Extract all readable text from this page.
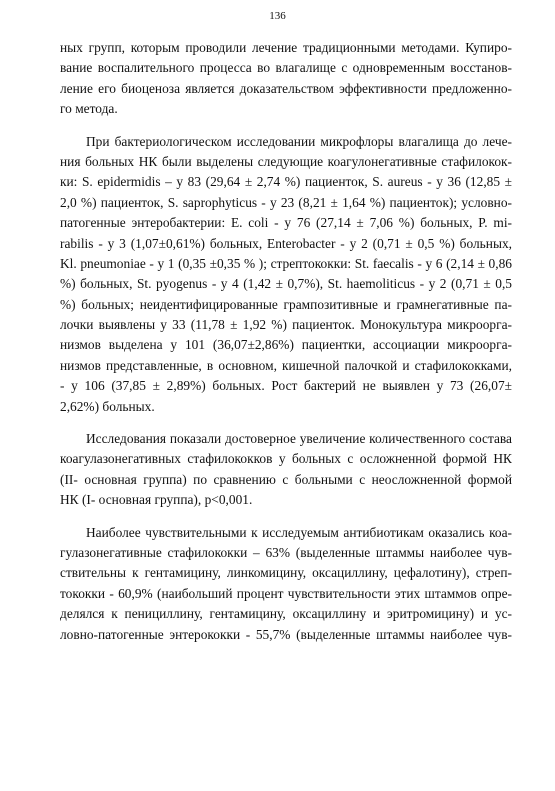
136
ных групп, которым проводили лечение традиционными методами. Купиро-
вание воспалительного процесса во влагалище с одновременным восстанов-
ление его биоценоза является доказательством эффективности предложенно-
го метода.
При бактериологическом исследовании микрофлоры влагалища до лече-
ния больных НК были выделены следующие коагулонегативные стафилокок-
ки: S. epidermidis – у 83 (29,64 ± 2,74 %) пациенток, S. aureus - у 36 (12,85 ±
2,0 %) пациенток, S. saprophyticus - у 23 (8,21 ± 1,64 %) пациенток); условно-
патогенные энтеробактерии: E. coli - у 76 (27,14 ± 7,06 %) больных, P. mi-
rabilis - у 3 (1,07±0,61%) больных, Enterobacter - у 2 (0,71 ± 0,5 %) больных,
Kl. pneumoniae - у 1 (0,35 ±0,35 % ); стрептококки: St. faecalis - у 6 (2,14 ± 0,86
%) больных, St. pyogenus - у 4 (1,42 ± 0,7%), St. haemoliticus - у 2 (0,71 ± 0,5
%) больных; неидентифицированные грампозитивные и грамнегативные па-
лочки выявлены у 33 (11,78 ± 1,92 %) пациенток. Монокультура микроорга-
низмов выделена у 101 (36,07±2,86%) пациентки, ассоциации микроорга-
низмов представленные, в основном, кишечной палочкой и стафилококками,
- у 106 (37,85 ± 2,89%) больных. Рост бактерий не выявлен у 73 (26,07±
2,62%) больных.
Исследования показали достоверное увеличение количественного состава
коагулазонегативных стафилококков у больных с осложненной формой НК
(II- основная группа) по сравнению с больными с неосложненной формой
НК (I- основная группа), р<0,001.
Наиболее чувствительными к исследуемым антибиотикам оказались коа-
гулазонегативные стафилококки – 63% (выделенные штаммы наиболее чув-
ствительны к гентамицину, линкомицину, оксациллину, цефалотину), стреп-
тококки - 60,9% (наибольший процент чувствительности этих штаммов опре-
делялся к пенициллину, гентамицину, оксациллину и эритромицину) и ус-
ловно-патогенные энтерококки - 55,7% (выделенные штаммы наиболее чув-
